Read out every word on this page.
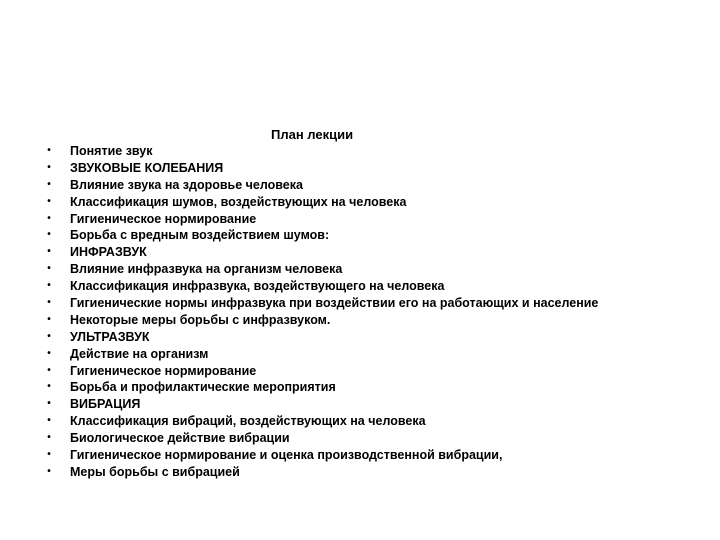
План лекции
• Понятие звук
• ЗВУКОВЫЕ КОЛЕБАНИЯ
• Влияние звука на здоровье человека
• Классификация шумов, воздействующих на человека
• Гигиеническое нормирование
• Борьба с вредным воздействием шумов:
• ИНФРАЗВУК
• Влияние инфразвука на организм человека
• Классификация инфразвука, воздействующего на человека
• Гигиенические нормы инфразвука при воздействии его на работающих и население
• Некоторые меры борьбы с инфразвуком.
• УЛЬТРАЗВУК
• Действие на организм
• Гигиеническое нормирование
• Борьба и профилактические мероприятия
• ВИБРАЦИЯ
• Классификация вибраций, воздействующих на человека
• Биологическое действие вибрации
• Гигиеническое нормирование и оценка производственной вибрации,
• Меры борьбы с вибрацией
